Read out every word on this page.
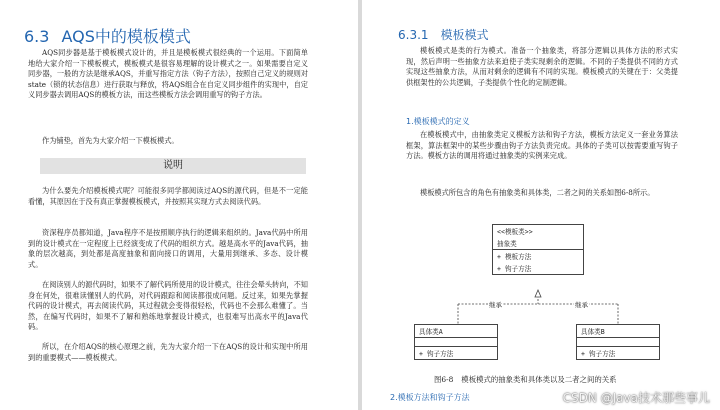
6.3 AQS中的模板模式

AQS同步器是基于模板模式设计的，并且是模板模式很经典的一个运用。下面简单地给大家介绍一下模板模式，模板模式是很容易理解的设计模式之一。如果需要自定义同步器，一般的方法是继承AQS，并重写指定方法（钩子方法），按照自己定义的规则对state（锁的状态信息）进行获取与释放，将AQS组合在自定义同步组件的实现中，自定义同步器去调用AQS的模板方法，而这些模板方法会调用重写的钩子方法。

作为铺垫，首先为大家介绍一下模板模式。

说明

为什么要先介绍模板模式呢？可能很多同学都阅读过AQS的源代码，但是不一定能看懂，其原因在于没有真正掌握模板模式，并按照其实现方式去阅读代码。

资深程序员都知道，Java程序不是按照顺序执行的逻辑来组织的。Java代码中所用到的设计模式在一定程度上已经演变成了代码的组织方式。越是高水平的Java代码，抽象的层次越高，到处都是高度抽象和面向接口的调用，大量用到继承、多态、设计模式。

在阅读别人的源代码时，如果不了解代码所使用的设计模式，往往会晕头转向，不知身在何处，很难读懂别人的代码，对代码跟踪和阅读都很成问题。反过来，如果先掌握代码的设计模式，再去阅读代码，其过程就会变得很轻松，代码也不会那么难懂了。当然，在编写代码时，如果不了解和熟练地掌握设计模式，也很难写出高水平的Java代码。

所以，在介绍AQS的核心原理之前，先为大家介绍一下在AQS的设计和实现中所用到的重要模式——模板模式。

6.3.1 模板模式

模板模式是类的行为模式。准备一个抽象类，将部分逻辑以具体方法的形式实现，然后声明一些抽象方法来迫使子类实现剩余的逻辑。不同的子类提供不同的方式实现这些抽象方法，从而对剩余的逻辑有不同的实现。模板模式的关键在于：父类提供框架性的公共逻辑，子类提供个性化的定制逻辑。

1.模板模式的定义

在模板模式中，由抽象类定义模板方法和钩子方法，模板方法定义一套业务算法框架，算法框架中的某些步骤由钩子方法负责完成。具体的子类可以按需要重写钩子方法。模板方法的调用将通过抽象类的实例来完成。

模板模式所包含的角色有抽象类和具体类，二者之间的关系如图6-8所示。

<<模板类>>
抽象类
+ 模板方法
+ 钩子方法
继承	继承
具体类A
+ 钩子方法
具体类B
+ 钩子方法
图6-8 模板模式的抽象类和具体类以及二者之间的关系
2.模板方法和钩子方法	CSDN @Java技术那些事儿
